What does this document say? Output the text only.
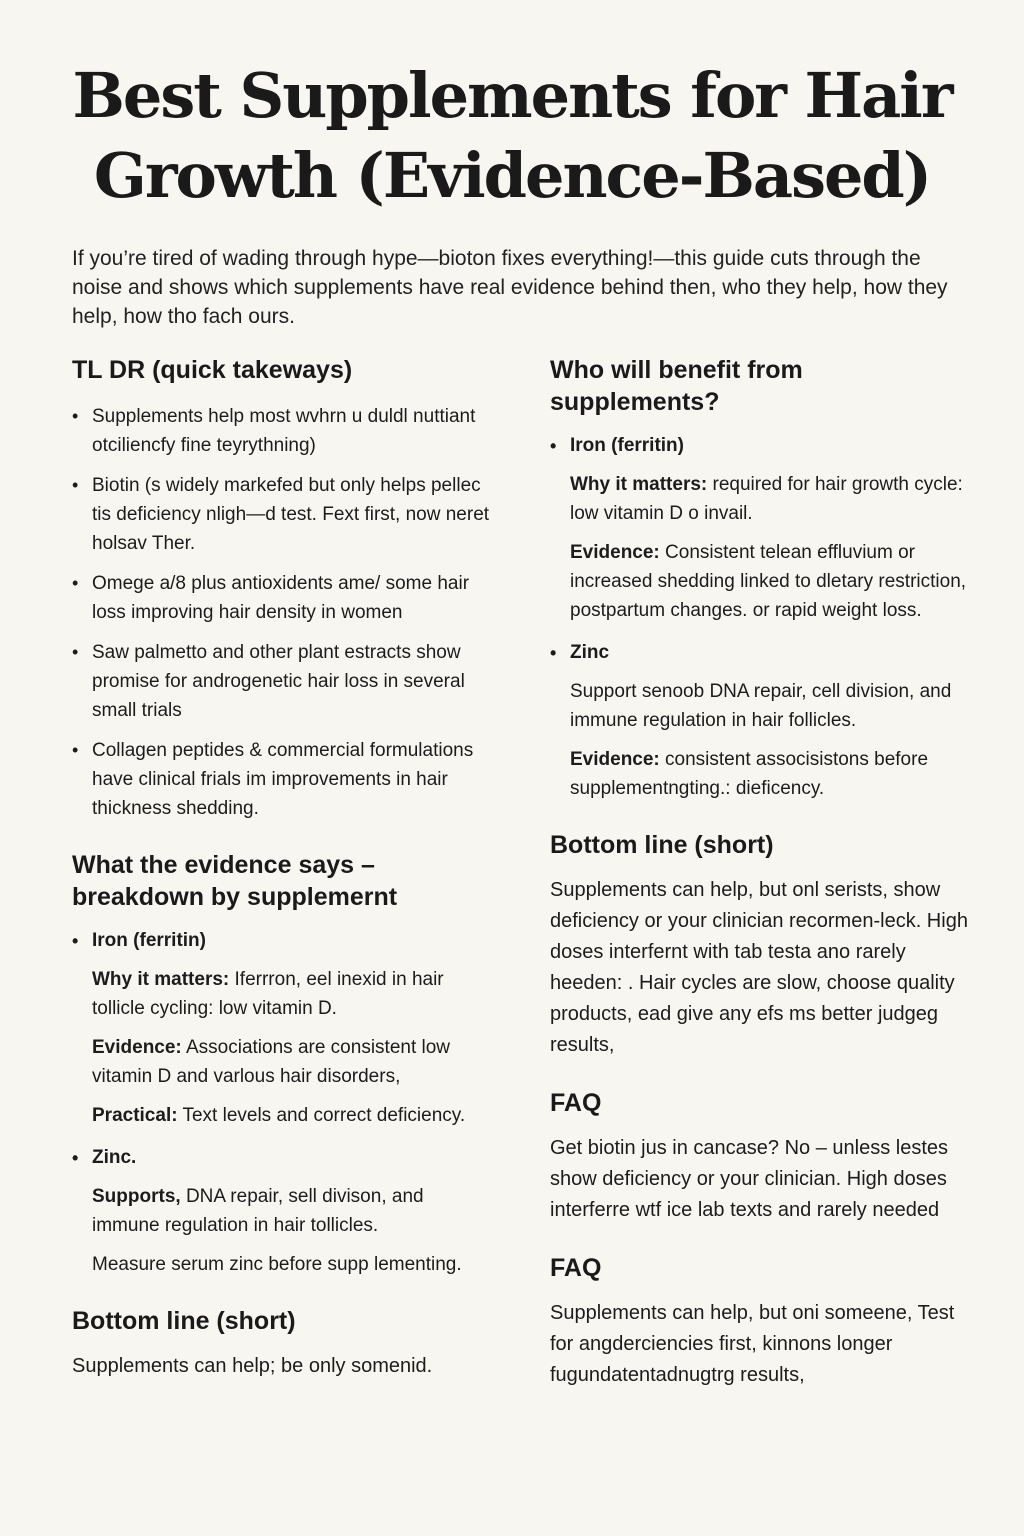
Best Supplements for Hair Growth (Evidence-Based)

If you’re tired of wading through hype—bioton fixes everything!—this guide cuts through the noise and shows which supplements have real evidence behind then, who they help, how they help, how tho fach ours.

TL DR (quick takeways)
• Supplements help most wvhrn u duldl nuttiant otciliencfy fine teyrythning)
• Biotin (s widely markefed but only helps pellec tis deficiency nligh—d test. Fext first, now neret holsav Ther.
• Omege a/8 plus antioxidents ame/ some hair loss improving hair density in women
• Saw palmetto and other plant estracts show promise for androgenetic hair loss in several small trials
• Collagen peptides & commercial formulations have clinical frials im improvements in hair thickness shedding.
What the evidence says – breakdown by supplemernt
• Iron (ferritin)

Why it matters: Iferrron, eel inexid in hair tollicle cycling: low vitamin D.

Evidence: Associations are consistent low vitamin D and varlous hair disorders,

Practical: Text levels and correct deficiency.

• Zinc.

Supports, DNA repair, sell divison, and immune regulation in hair tollicles.

Measure serum zinc before supp lementing.

Bottom line (short)

Supplements can help; be only somenid.

Who will benefit from supplements?
• Iron (ferritin)

Why it matters: required for hair growth cycle: low vitamin D o invail.

Evidence: Consistent telean effluvium or increased shedding linked to dletary restriction, postpartum changes. or rapid weight loss.

• Zinc

Support senoob DNA repair, cell division, and immune regulation in hair follicles.

Evidence: consistent associsistons before supplementngting.: dieficency.

Bottom line (short)

Supplements can help, but onl serists, show deficiency or your clinician recormen-leck. High doses interfernt with tab testa ano rarely heeden: . Hair cycles are slow, choose quality products, ead give any efs ms better judgeg results,

FAQ

Get biotin jus in cancase? No – unless lestes show deficiency or your clinician. High doses interferre wtf ice lab texts and rarely needed

FAQ

Supplements can help, but oni someene, Test for angderciencies first, kinnons longer fugundatentadnugtrg results,
